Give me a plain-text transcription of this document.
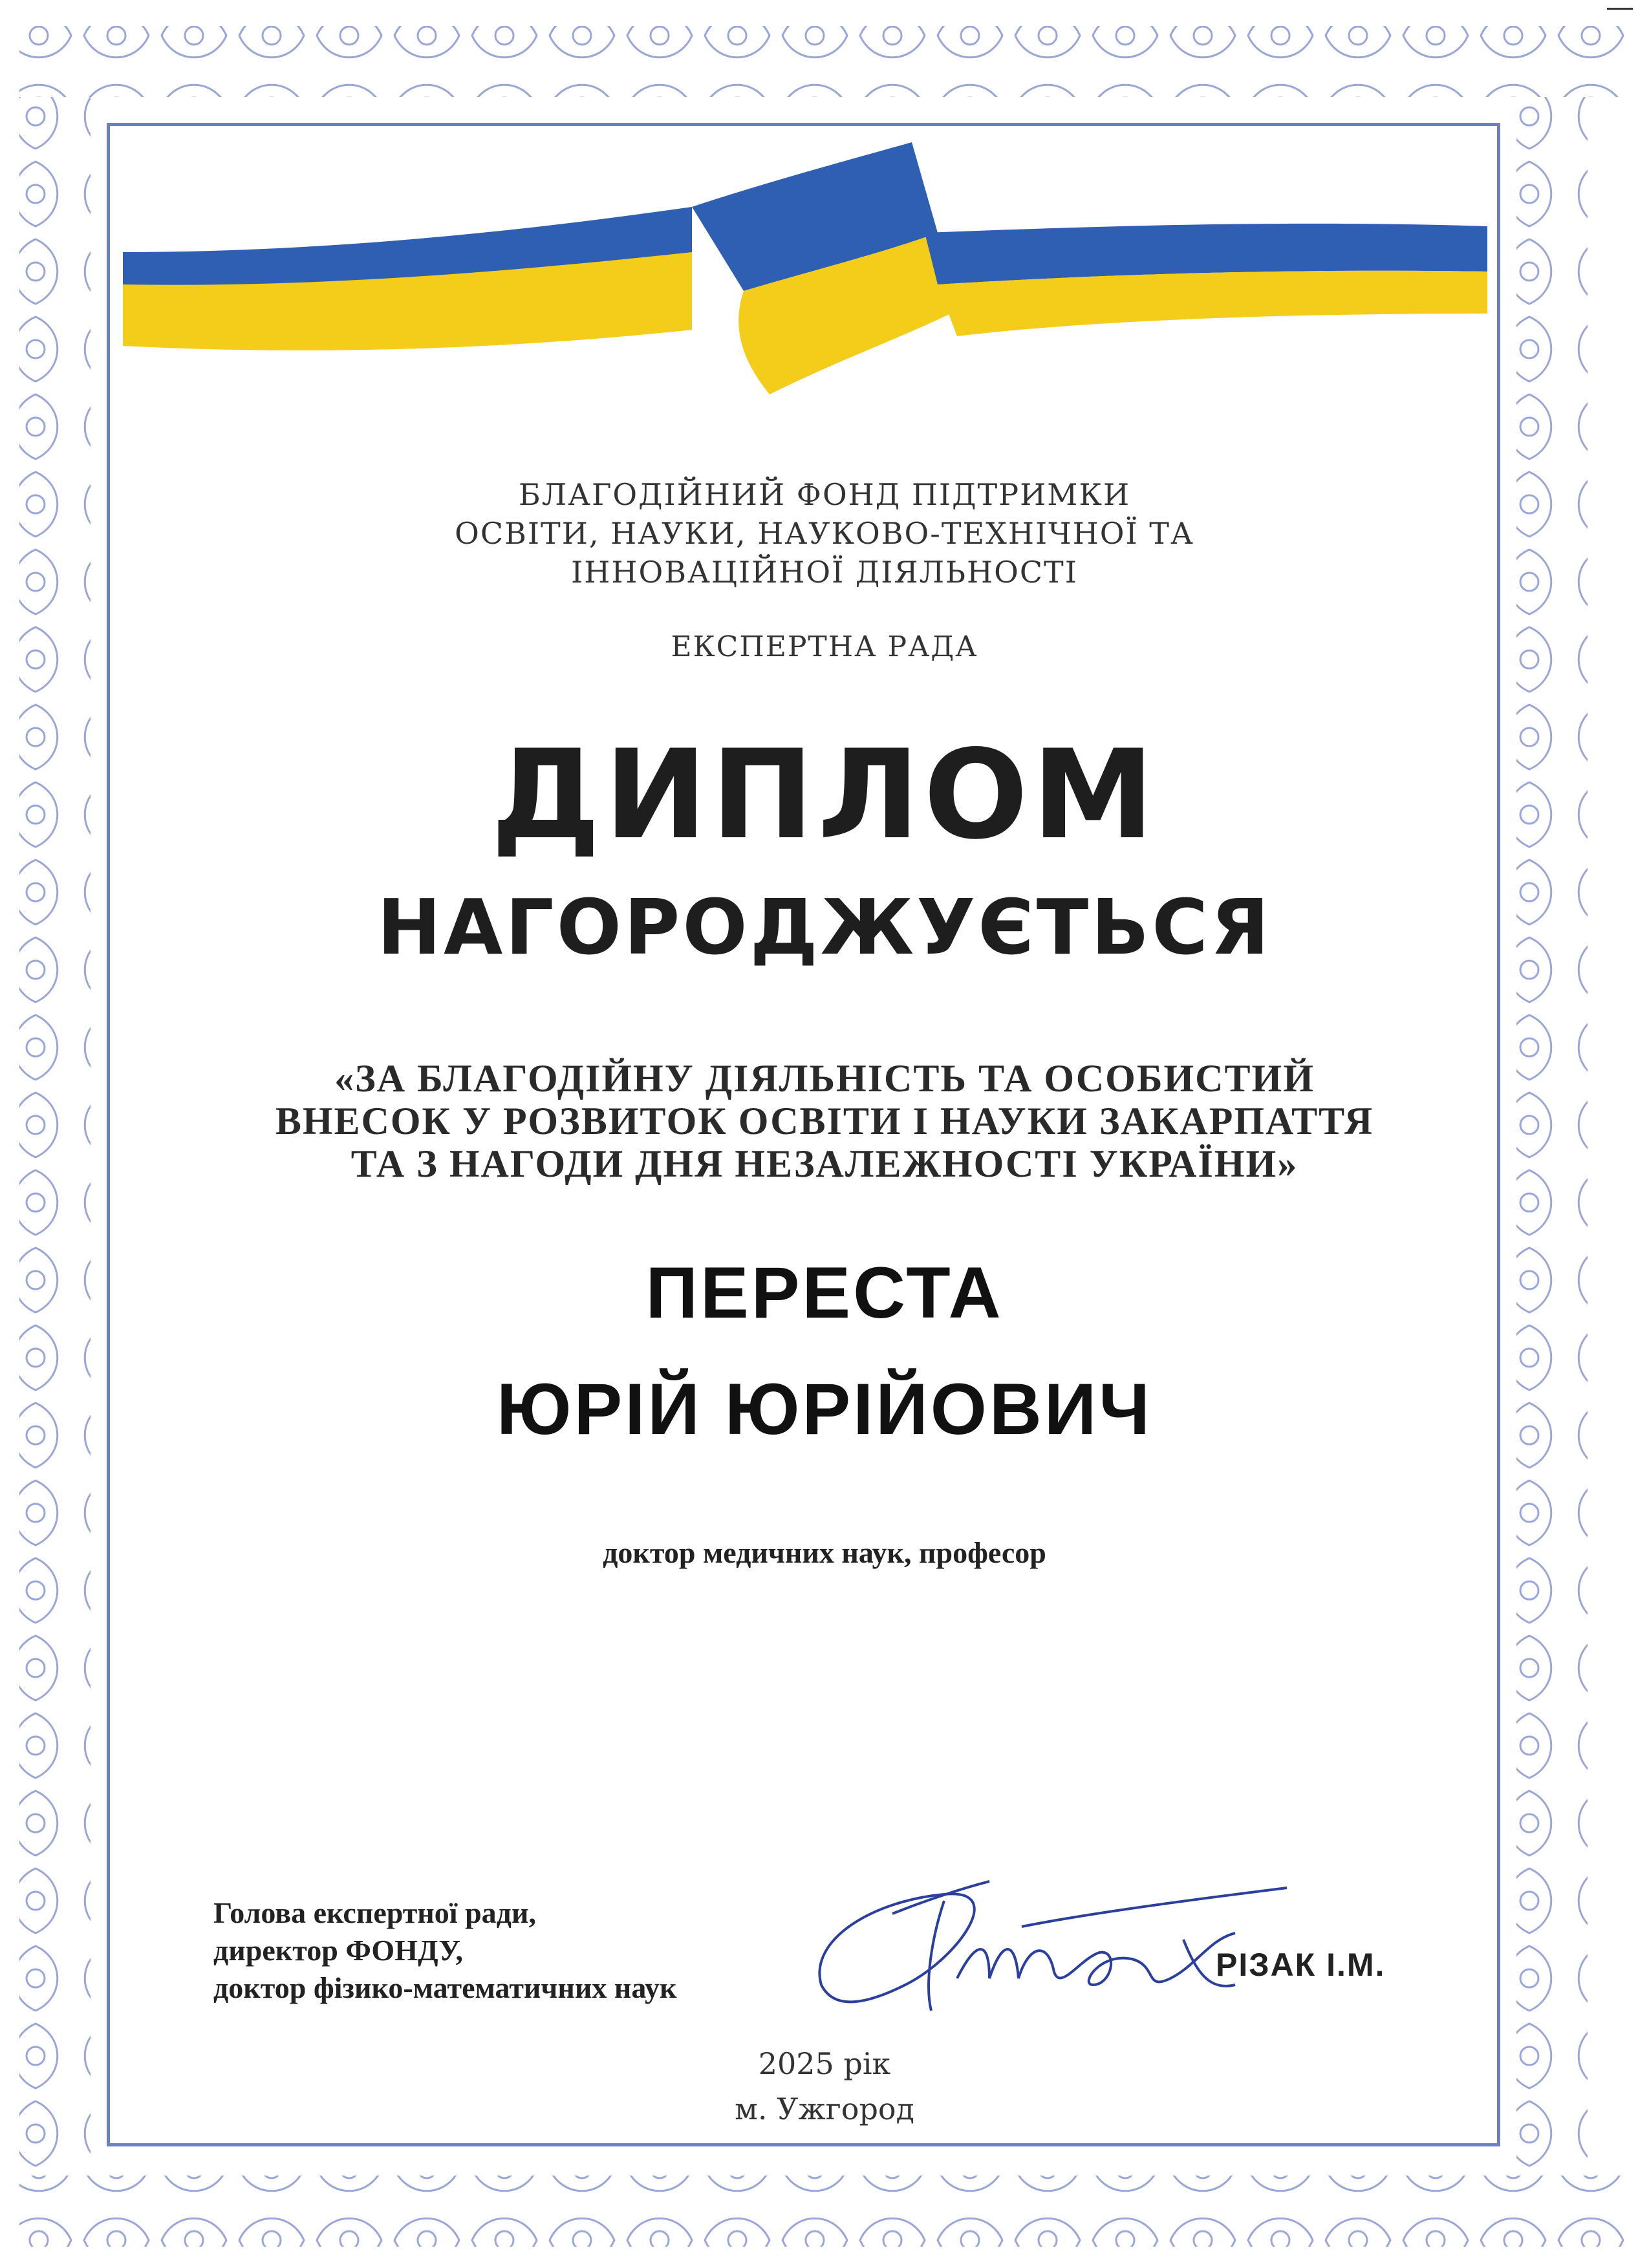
БЛАГОДІЙНИЙ ФОНД ПІДТРИМКИ
ОСВІТИ, НАУКИ, НАУКОВО-ТЕХНІЧНОЇ ТА
ІННОВАЦІЙНОЇ ДІЯЛЬНОСТІ
ЕКСПЕРТНА РАДА
ДИПЛОМ
НАГОРОДЖУЄТЬСЯ
«ЗА БЛАГОДІЙНУ ДІЯЛЬНІСТЬ ТА ОСОБИСТИЙ
ВНЕСОК У РОЗВИТОК ОСВІТИ І НАУКИ ЗАКАРПАТТЯ
ТА З НАГОДИ ДНЯ НЕЗАЛЕЖНОСТІ УКРАЇНИ»
ПЕРЕСТА
ЮРІЙ ЮРІЙОВИЧ
доктор медичних наук, професор
Голова експертної ради,
директор ФОНДУ,
доктор фізико-математичних наук
РІЗАК І.М.
2025 рік
м. Ужгород
